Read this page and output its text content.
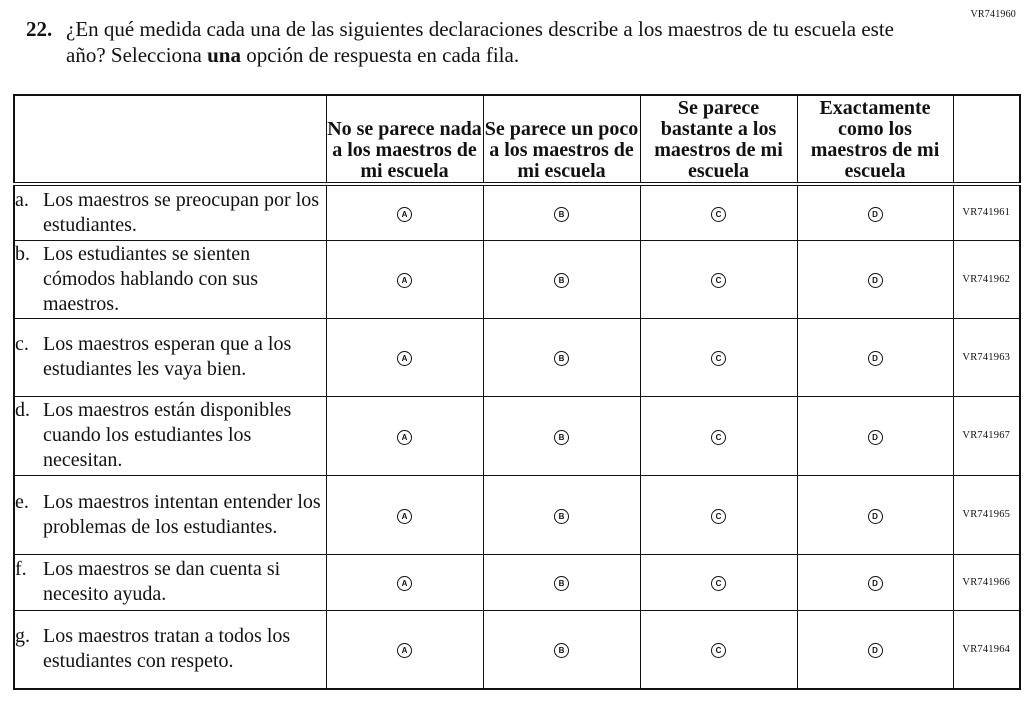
VR741960
22. ¿En qué medida cada una de las siguientes declaraciones describe a los maestros de tu escuela este año? Selecciona una opción de respuesta en cada fila.
	No se parece nada a los maestros de mi escuela	Se parece un poco a los maestros de mi escuela	Se parece bastante a los maestros de mi escuela	Exactamente como los maestros de mi escuela	

a. Los maestros se preocupan por los estudiantes.	A	B	C	D	VR741961

b. Los estudiantes se sienten cómodos hablando con sus maestros.	A	B	C	D	VR741962

c. Los maestros esperan que a los estudiantes les vaya bien.	A	B	C	D	VR741963

d. Los maestros están disponibles cuando los estudiantes los necesitan.	A	B	C	D	VR741967

e. Los maestros intentan entender los problemas de los estudiantes.	A	B	C	D	VR741965

f. Los maestros se dan cuenta si necesito ayuda.	A	B	C	D	VR741966

g. Los maestros tratan a todos los estudiantes con respeto.	A	B	C	D	VR741964
